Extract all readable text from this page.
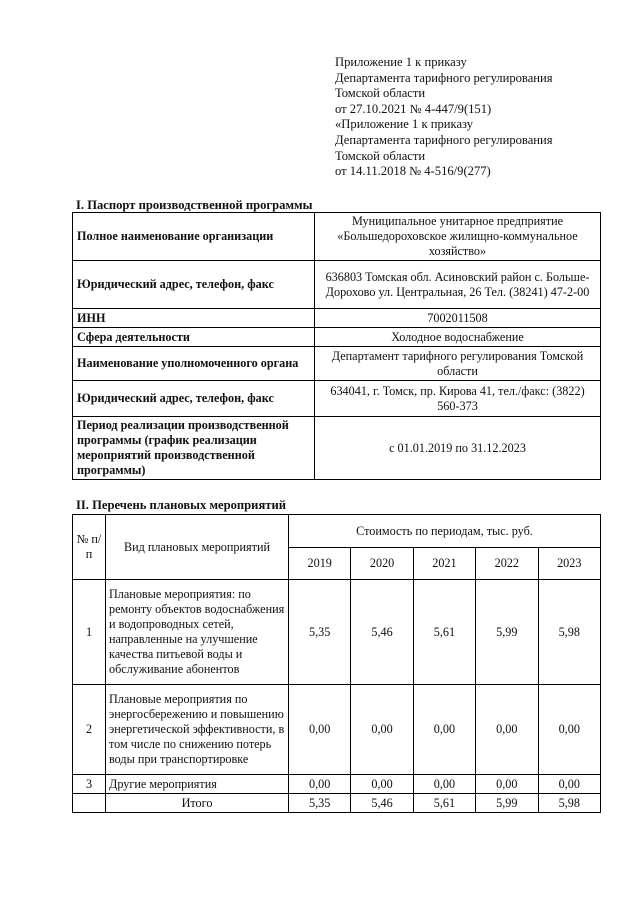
Приложение 1 к приказу
Департамента тарифного регулирования
Томской области
от 27.10.2021 № 4-447/9(151)
«Приложение 1 к приказу
Департамента тарифного регулирования
Томской области
от 14.11.2018 № 4-516/9(277)
I. Паспорт производственной программы
Полное наименование организации	Муниципальное унитарное предприятие «Большедороховское жилищно-коммунальное хозяйство»
Юридический адрес, телефон, факс	636803 Томская обл. Асиновский район с. Больше-Дорохово ул. Центральная, 26 Тел. (38241) 47-2-00
ИНН	7002011508
Сфера деятельности	Холодное водоснабжение
Наименование уполномоченного органа	Департамент тарифного регулирования Томской области
Юридический адрес, телефон, факс	634041, г. Томск, пр. Кирова 41, тел./факс: (3822) 560-373
Период реализации производственной программы (график реализации мероприятий производственной программы)	с 01.01.2019 по 31.12.2023
II. Перечень плановых мероприятий
№ п/п	Вид плановых мероприятий	Стоимость по периодам, тыс. руб.				
		2019	2020	2021	2022	2023
1	Плановые мероприятия: по ремонту объектов водоснабжения и водопроводных сетей, направленные на улучшение качества питьевой воды и обслуживание абонентов	5,35	5,46	5,61	5,99	5,98
2	Плановые мероприятия по энергосбережению и повышению энергетической эффективности, в том числе по снижению потерь воды при транспортировке	0,00	0,00	0,00	0,00	0,00
3	Другие мероприятия	0,00	0,00	0,00	0,00	0,00
	Итого	5,35	5,46	5,61	5,99	5,98
